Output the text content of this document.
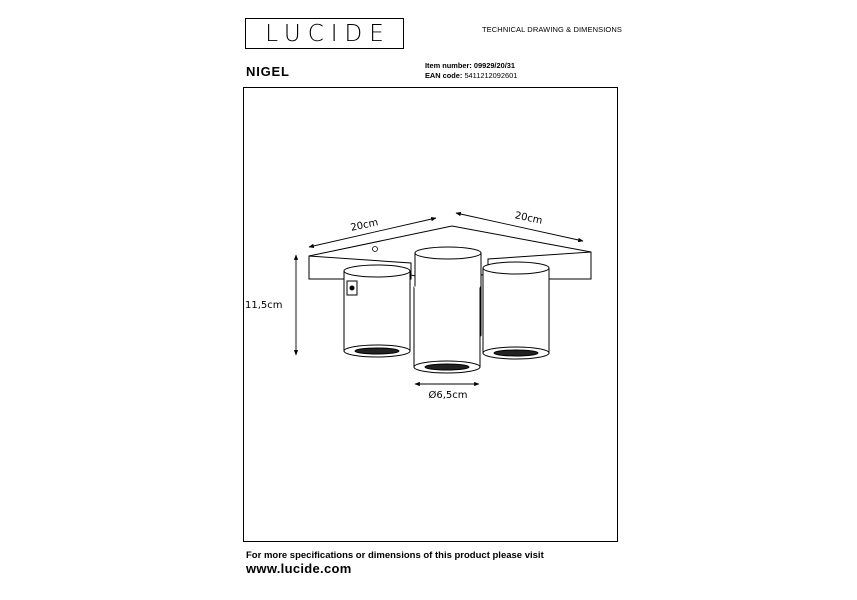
LUCIDE	TECHNICAL DRAWING & DIMENSIONS
NIGEL	Item number: 09929/20/31
EAN code: 5411212092601
20cm	20cm
11,5cm
Ø6,5cm
For more specifications or dimensions of this product please visit
www.lucide.com
